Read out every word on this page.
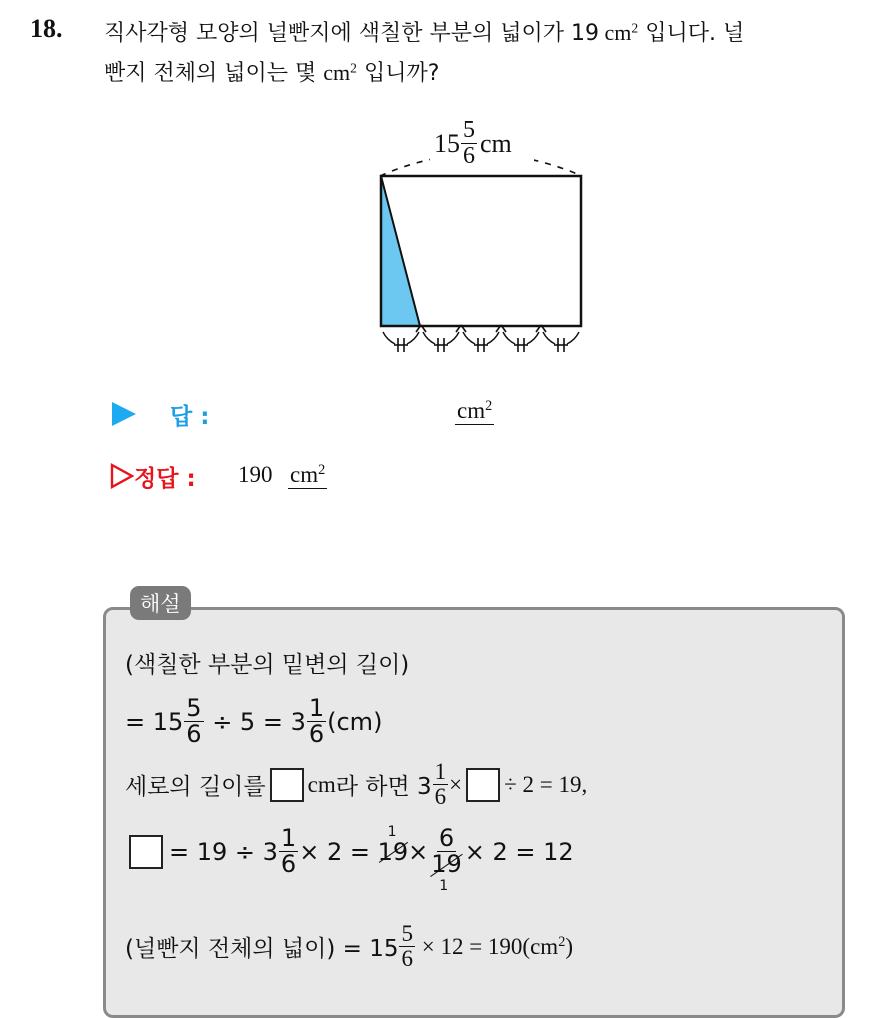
18. 직사각형 모양의 널빤지에 색칠한 부분의 넓이가 19 $cm^2$ 입니다. 널
빤지 전체의 넓이는 몇 $cm^2$ 입니까?
$15 \frac{5}{6}$ cm
답 :	$cm^2$
정답 : 190 $cm^2$
해설
(색칠한 부분의 밑변의 길이)
= $15 \frac{5}{6} \div 5 = 3 \frac{1}{6} (cm)$
세로의 길이를 cm 라 하면 $3 \frac{1}{6}$ × ÷ 2 = 19,
= $19 \div 3 \frac{1}{6} \times 2 = 19$
1
× 6
19
1
× 2 = 12
(널빤지 전체의 넓이) = $15 \frac{5}{6} \times 12 = 190$( $cm^2$ )
